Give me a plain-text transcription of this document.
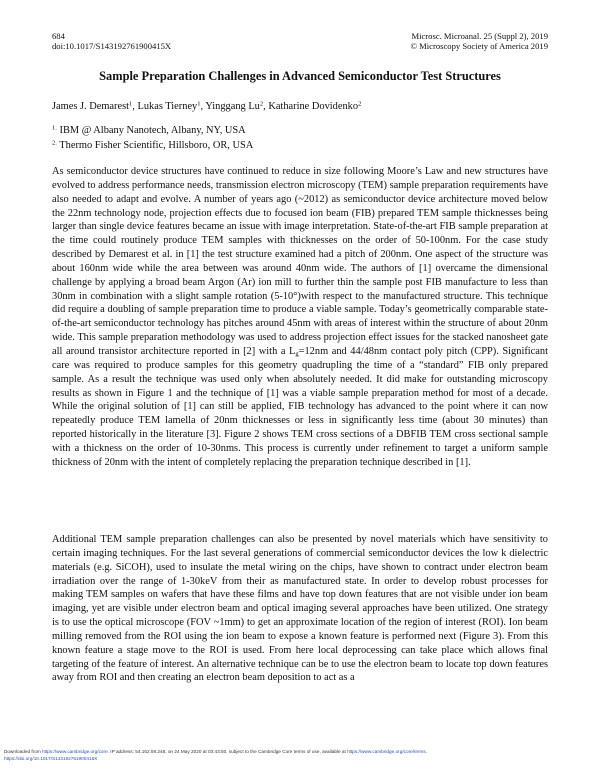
684
doi:10.1017/S143192761900415X
Microsc. Microanal. 25 (Suppl 2), 2019
© Microscopy Society of America 2019
Sample Preparation Challenges in Advanced Semiconductor Test Structures
James J. Demarest$^1$, Lukas Tierney$^1$, Yinggang Lu$^2$, Katharine Dovidenko$^2$
$^{1.}$ IBM @ Albany Nanotech, Albany, NY, USA
$^{2.}$ Thermo Fisher Scientific, Hillsboro, OR, USA

As semiconductor device structures have continued to reduce in size following Moore’s Law and new structures have evolved to address performance needs, transmission electron microscopy (TEM) sample preparation requirements have also needed to adapt and evolve. A number of years ago (~2012) as semiconductor device architecture moved below the 22nm technology node, projection effects due to focused ion beam (FIB) prepared TEM sample thicknesses being larger than single device features became an issue with image interpretation. State-of-the-art FIB sample preparation at the time could routinely produce TEM samples with thicknesses on the order of 50-100nm. For the case study described by Demarest et al. in [1] the test structure examined had a pitch of 200nm. One aspect of the structure was about 160nm wide while the area between was around 40nm wide. The authors of [1] overcame the dimensional challenge by applying a broad beam Argon (Ar) ion mill to further thin the sample post FIB manufacture to less than 30nm in combination with a slight sample rotation (5-10°)with respect to the manufactured structure. This technique did require a doubling of sample preparation time to produce a viable sample. Today’s geometrically comparable state-of-the-art semiconductor technology has pitches around 45nm with areas of interest within the structure of about 20nm wide. This sample preparation methodology was used to address projection effect issues for the stacked nanosheet gate all around transistor architecture reported in [2] with a $L_g=12nm$ and 44/48nm contact poly pitch (CPP). Significant care was required to produce samples for this geometry quadrupling the time of a “standard” FIB only prepared sample. As a result the technique was used only when absolutely needed. It did make for outstanding microscopy results as shown in Figure 1 and the technique of [1] was a viable sample preparation method for most of a decade. While the original solution of [1] can still be applied, FIB technology has advanced to the point where it can now repeatedly produce TEM lamella of 20nm thicknesses or less in significantly less time (about 30 minutes) than reported historically in the literature [3]. Figure 2 shows TEM cross sections of a DBFIB TEM cross sectional sample with a thickness on the order of 10-30nms. This process is currently under refinement to target a uniform sample thickness of 20nm with the intent of completely replacing the preparation technique described in [1].

Additional TEM sample preparation challenges can also be presented by novel materials which have sensitivity to certain imaging techniques. For the last several generations of commercial semiconductor devices the low k dielectric materials (e.g. SiCOH), used to insulate the metal wiring on the chips, have shown to contract under electron beam irradiation over the range of 1-30keV from their as manufactured state. In order to develop robust processes for making TEM samples on wafers that have these films and have top down features that are not visible under ion beam imaging, yet are visible under electron beam and optical imaging several approaches have been utilized. One strategy is to use the optical microscope (FOV ~1mm) to get an approximate location of the region of interest (ROI). Ion beam milling removed from the ROI using the ion beam to expose a known feature is performed next (Figure 3). From this known feature a stage move to the ROI is used. From here local deprocessing can take place which allows final targeting of the feature of interest. An alternative technique can be to use the electron beam to locate top down features away from ROI and then creating an electron beam deposition to act as a

Downloaded from https://www.cambridge.org/core. IP address: 54.162.69.248, on 24 May 2020 at 03:43:50, subject to the Cambridge Core terms of use, available at https://www.cambridge.org/core/terms.
https://doi.org/10.1017/S143192761900415X
